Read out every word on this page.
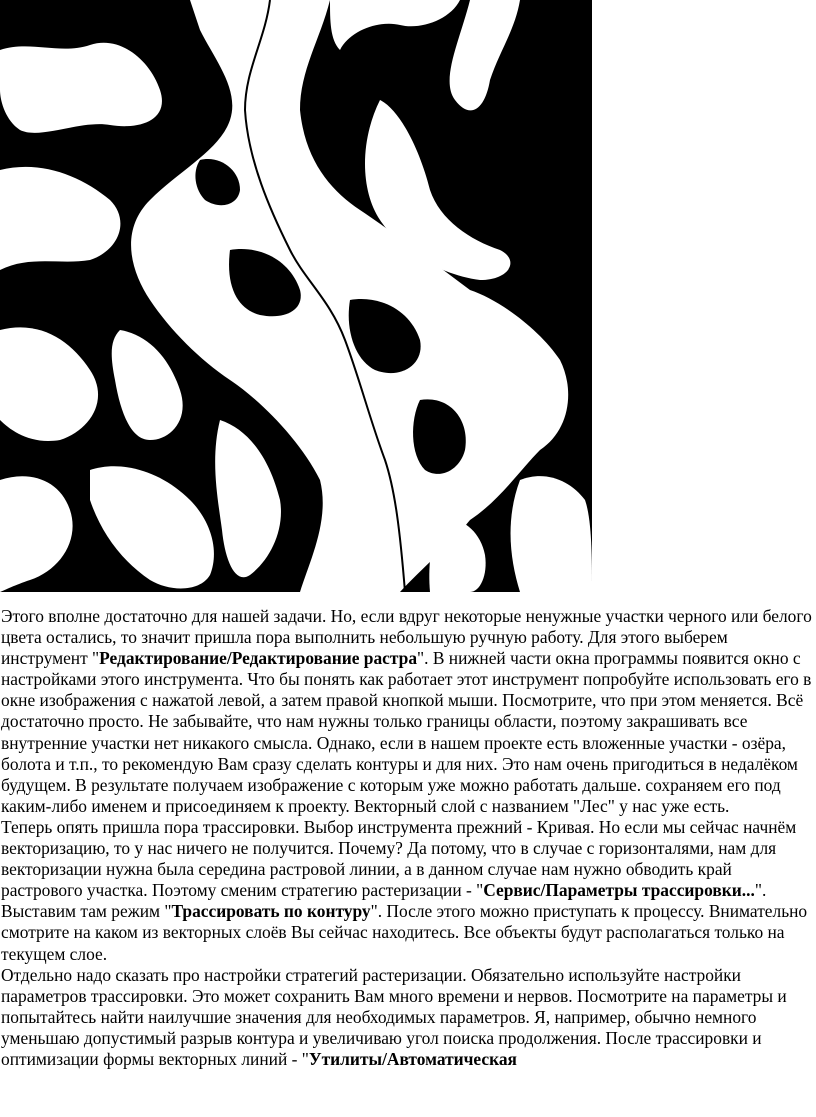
Этого вполне достаточно для нашей задачи. Но, если вдруг некоторые ненужные участки черного или белого цвета остались, то значит пришла пора выполнить небольшую ручную работу. Для этого выберем инструмент "Редактирование/Редактирование растра". В нижней части окна программы появится окно с настройками этого инструмента. Что бы понять как работает этот инструмент попробуйте использовать его в окне изображения с нажатой левой, а затем правой кнопкой мыши. Посмотрите, что при этом меняется. Всё достаточно просто. Не забывайте, что нам нужны только границы области, поэтому закрашивать все внутренние участки нет никакого смысла. Однако, если в нашем проекте есть вложенные участки - озёра, болота и т.п., то рекомендую Вам сразу сделать контуры и для них. Это нам очень пригодиться в недалёком будущем. В результате получаем изображение с которым уже можно работать дальше. сохраняем его под каким-либо именем и присоединяем к проекту. Векторный слой с названием "Лес" у нас уже есть.

Теперь опять пришла пора трассировки. Выбор инструмента прежний - Кривая. Но если мы сейчас начнём векторизацию, то у нас ничего не получится. Почему? Да потому, что в случае с горизонталями, нам для векторизации нужна была середина растровой линии, а в данном случае нам нужно обводить край растрового участка. Поэтому сменим стратегию растеризации - "Сервис/Параметры трассировки...". Выставим там режим "Трассировать по контуру". После этого можно приступать к процессу. Внимательно смотрите на каком из векторных слоёв Вы сейчас находитесь. Все объекты будут располагаться только на текущем слое.

Отдельно надо сказать про настройки стратегий растеризации. Обязательно используйте настройки параметров трассировки. Это может сохранить Вам много времени и нервов. Посмотрите на параметры и попытайтесь найти наилучшие значения для необходимых параметров. Я, например, обычно немного уменьшаю допустимый разрыв контура и увеличиваю угол поиска продолжения. После трассировки и оптимизации формы векторных линий - "Утилиты/Автоматическая
